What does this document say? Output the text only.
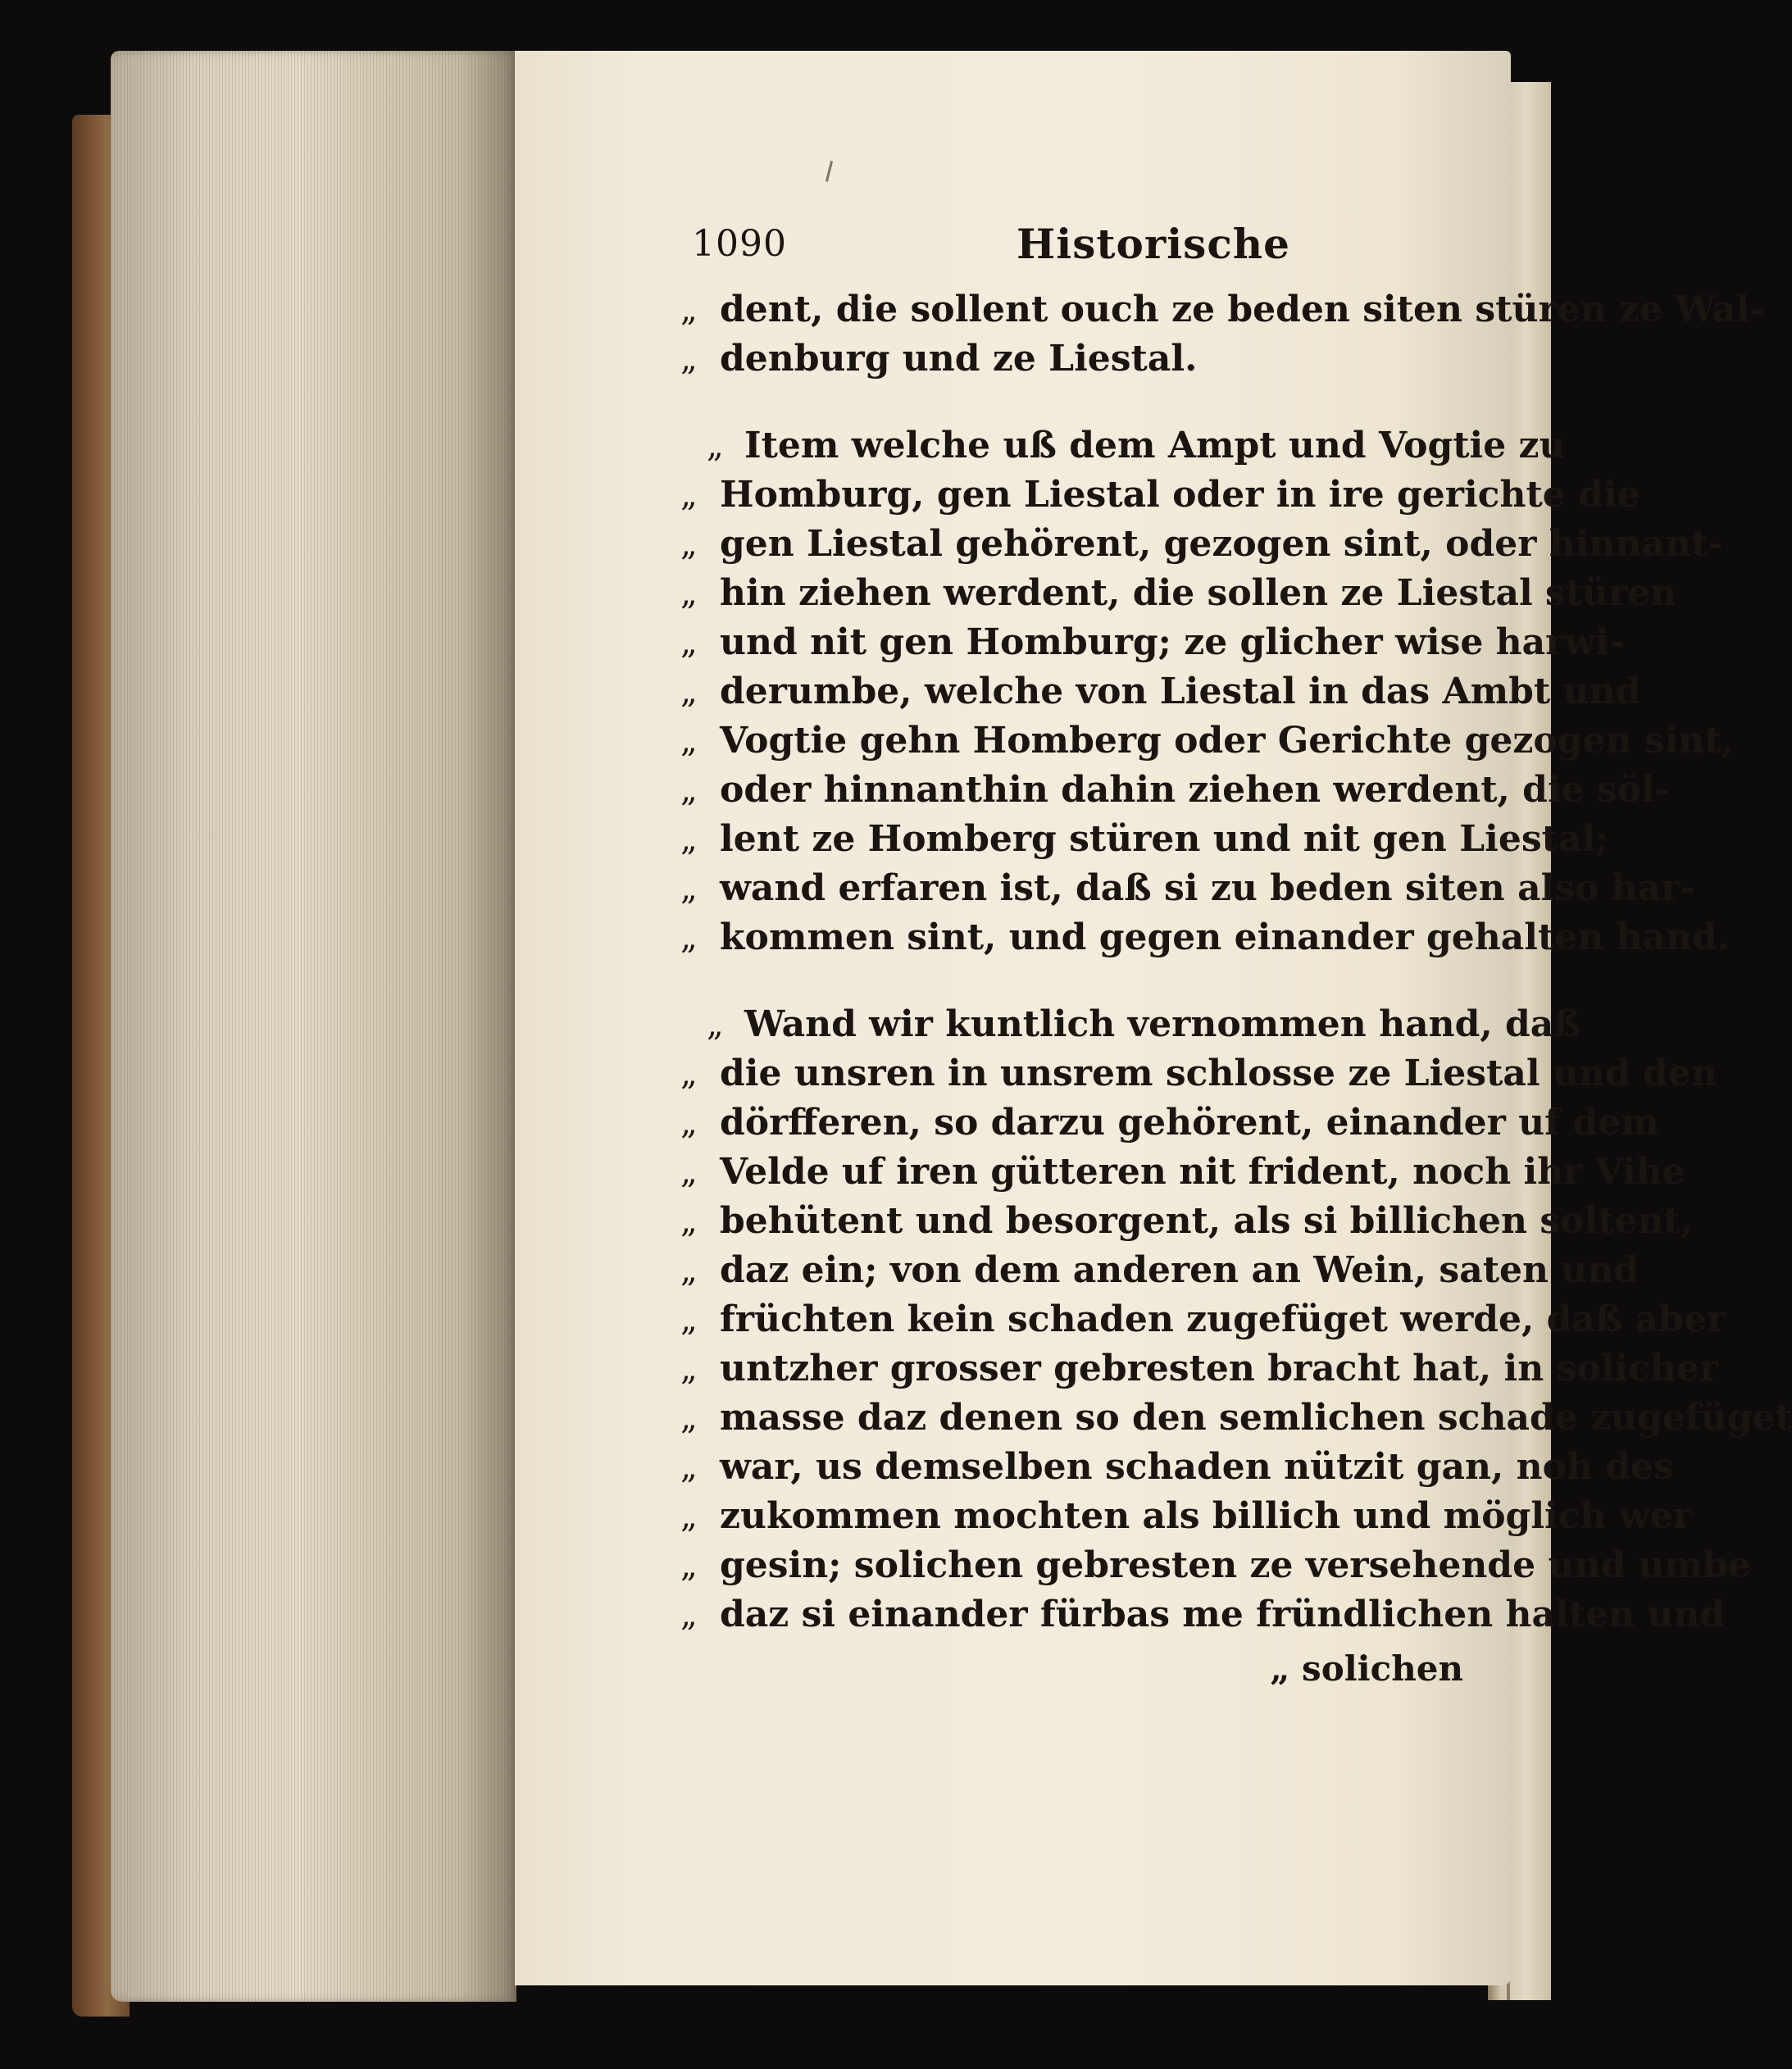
1090	Historische
„ dent, die sollent ouch ze beden siten stüren ze Wal-
„ denburg und ze Liestal.
„ Item welche uß dem Ampt und Vogtie zu
„ Homburg, gen Liestal oder in ire gerichte die
„ gen Liestal gehörent, gezogen sint, oder hinnant-
„ hin ziehen werdent, die sollen ze Liestal stüren
„ und nit gen Homburg; ze glicher wise harwi-
„ derumbe, welche von Liestal in das Ambt und
„ Vogtie gehn Homberg oder Gerichte gezogen sint,
„ oder hinnanthin dahin ziehen werdent, die söl-
„ lent ze Homberg stüren und nit gen Liestal;
„ wand erfaren ist, daß si zu beden siten also har-
„ kommen sint, und gegen einander gehalten hand.
„ Wand wir kuntlich vernommen hand, daß
„ die unsren in unsrem schlosse ze Liestal und den
„ dörfferen, so darzu gehörent, einander uf dem
„ Velde uf iren gütteren nit frident, noch ihr Vihe
„ behütent und besorgent, als si billichen soltent,
„ daz ein; von dem anderen an Wein, saten und
„ früchten kein schaden zugefüget werde, daß aber
„ untzher grosser gebresten bracht hat, in solicher
„ masse daz denen so den semlichen schade zugefüget
„ war, us demselben schaden nützit gan, noh des
„ zukommen mochten als billich und möglich wer
„ gesin; solichen gebresten ze versehende und umbe
„ daz si einander fürbas me fründlichen halten und
„ solichen
